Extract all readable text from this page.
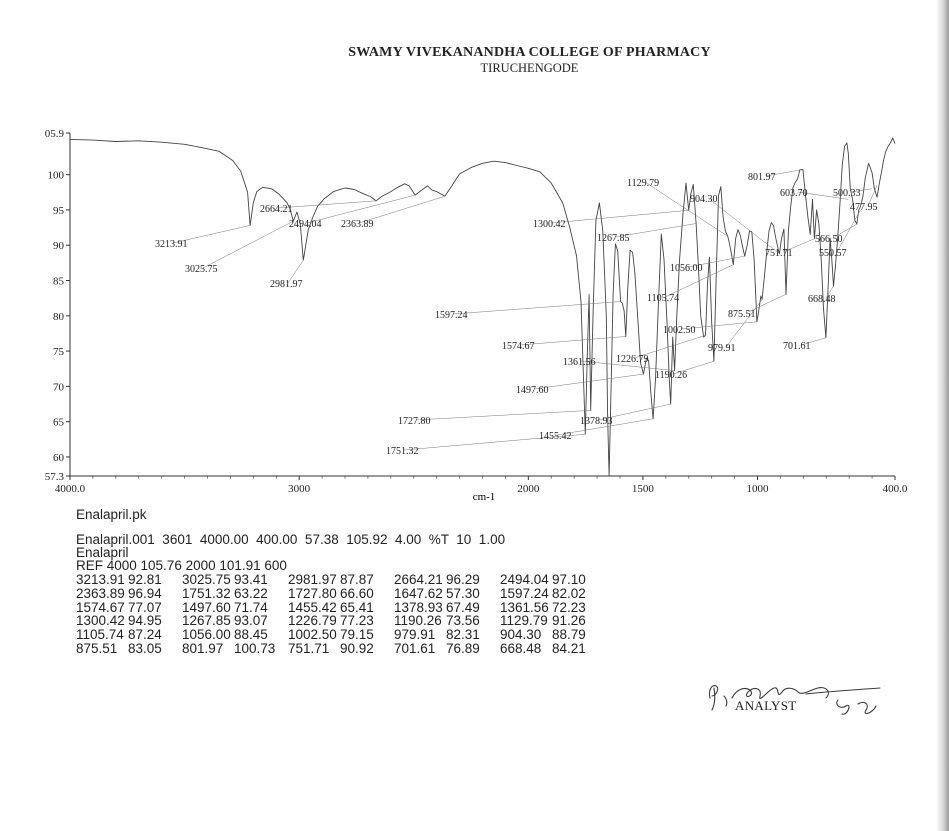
SWAMY VIVEKANANDHA COLLEGE OF PHARMACY

TIRUCHENGODE

57.3
60
65
70
75
80
85
90
95
100
05.9
4000.0	3000	2000	1500	1000	400.0
3213.91
3025.75
2981.97
2664.21
2494.04 2363.89
1751.32
1727.80
1597.24
1574.67
1497.60
1455.42
1378.93
1361.56
1300.42
1267.85
1226.79
1190.26
1129.79
1105.74
1056.00
1002.50
979.91
904.30
875.51
801.97
751.71
701.61
668.48
603.70
566.50
550.57
500.33
477.95
cm-1
Enalapril.pk
Enalapril.001  3601  4000.00  400.00  57.38  105.92  4.00  %T  10  1.00
Enalapril
REF 4000 105.76 2000 101.91 600
3213.91	92.81	3025.75	93.41	2981.97	87.87	2664.21	96.29	2494.04	97.10
2363.89	96.94	1751.32	63.22	1727.80	66.60	1647.62	57.30	1597.24	82.02
1574.67	77.07	1497.60	71.74	1455.42	65.41	1378.93	67.49	1361.56	72.23
1300.42	94.95	1267.85	93.07	1226.79	77.23	1190.26	73.56	1129.79	91.26
1105.74	87.24	1056.00	88.45	1002.50	79.15	979.91	82.31	904.30	88.79
875.51	83.05	801.97	100.73	751.71	90.92	701.61	76.89	668.48	84.21
ANALYST
